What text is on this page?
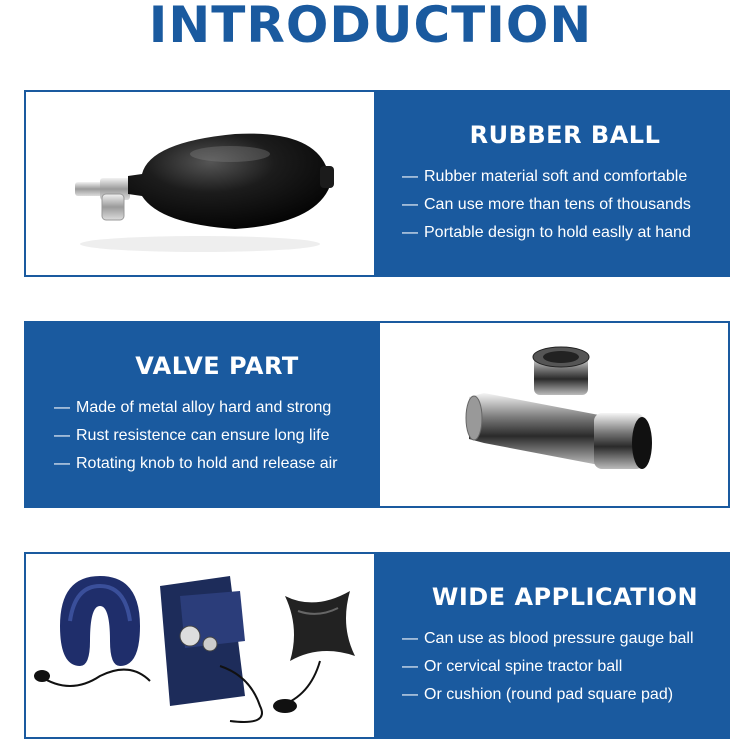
INTRODUCTION
RUBBER BALL
— Rubber material soft and comfortable
— Can use more than tens of thousands
— Portable design to hold easlly at hand
VALVE PART
— Made of metal alloy hard and strong
— Rust resistence can ensure long life
— Rotating knob to hold and release air
WIDE APPLICATION
— Can use as blood pressure gauge ball
— Or cervical spine tractor ball
— Or cushion (round pad square pad)
